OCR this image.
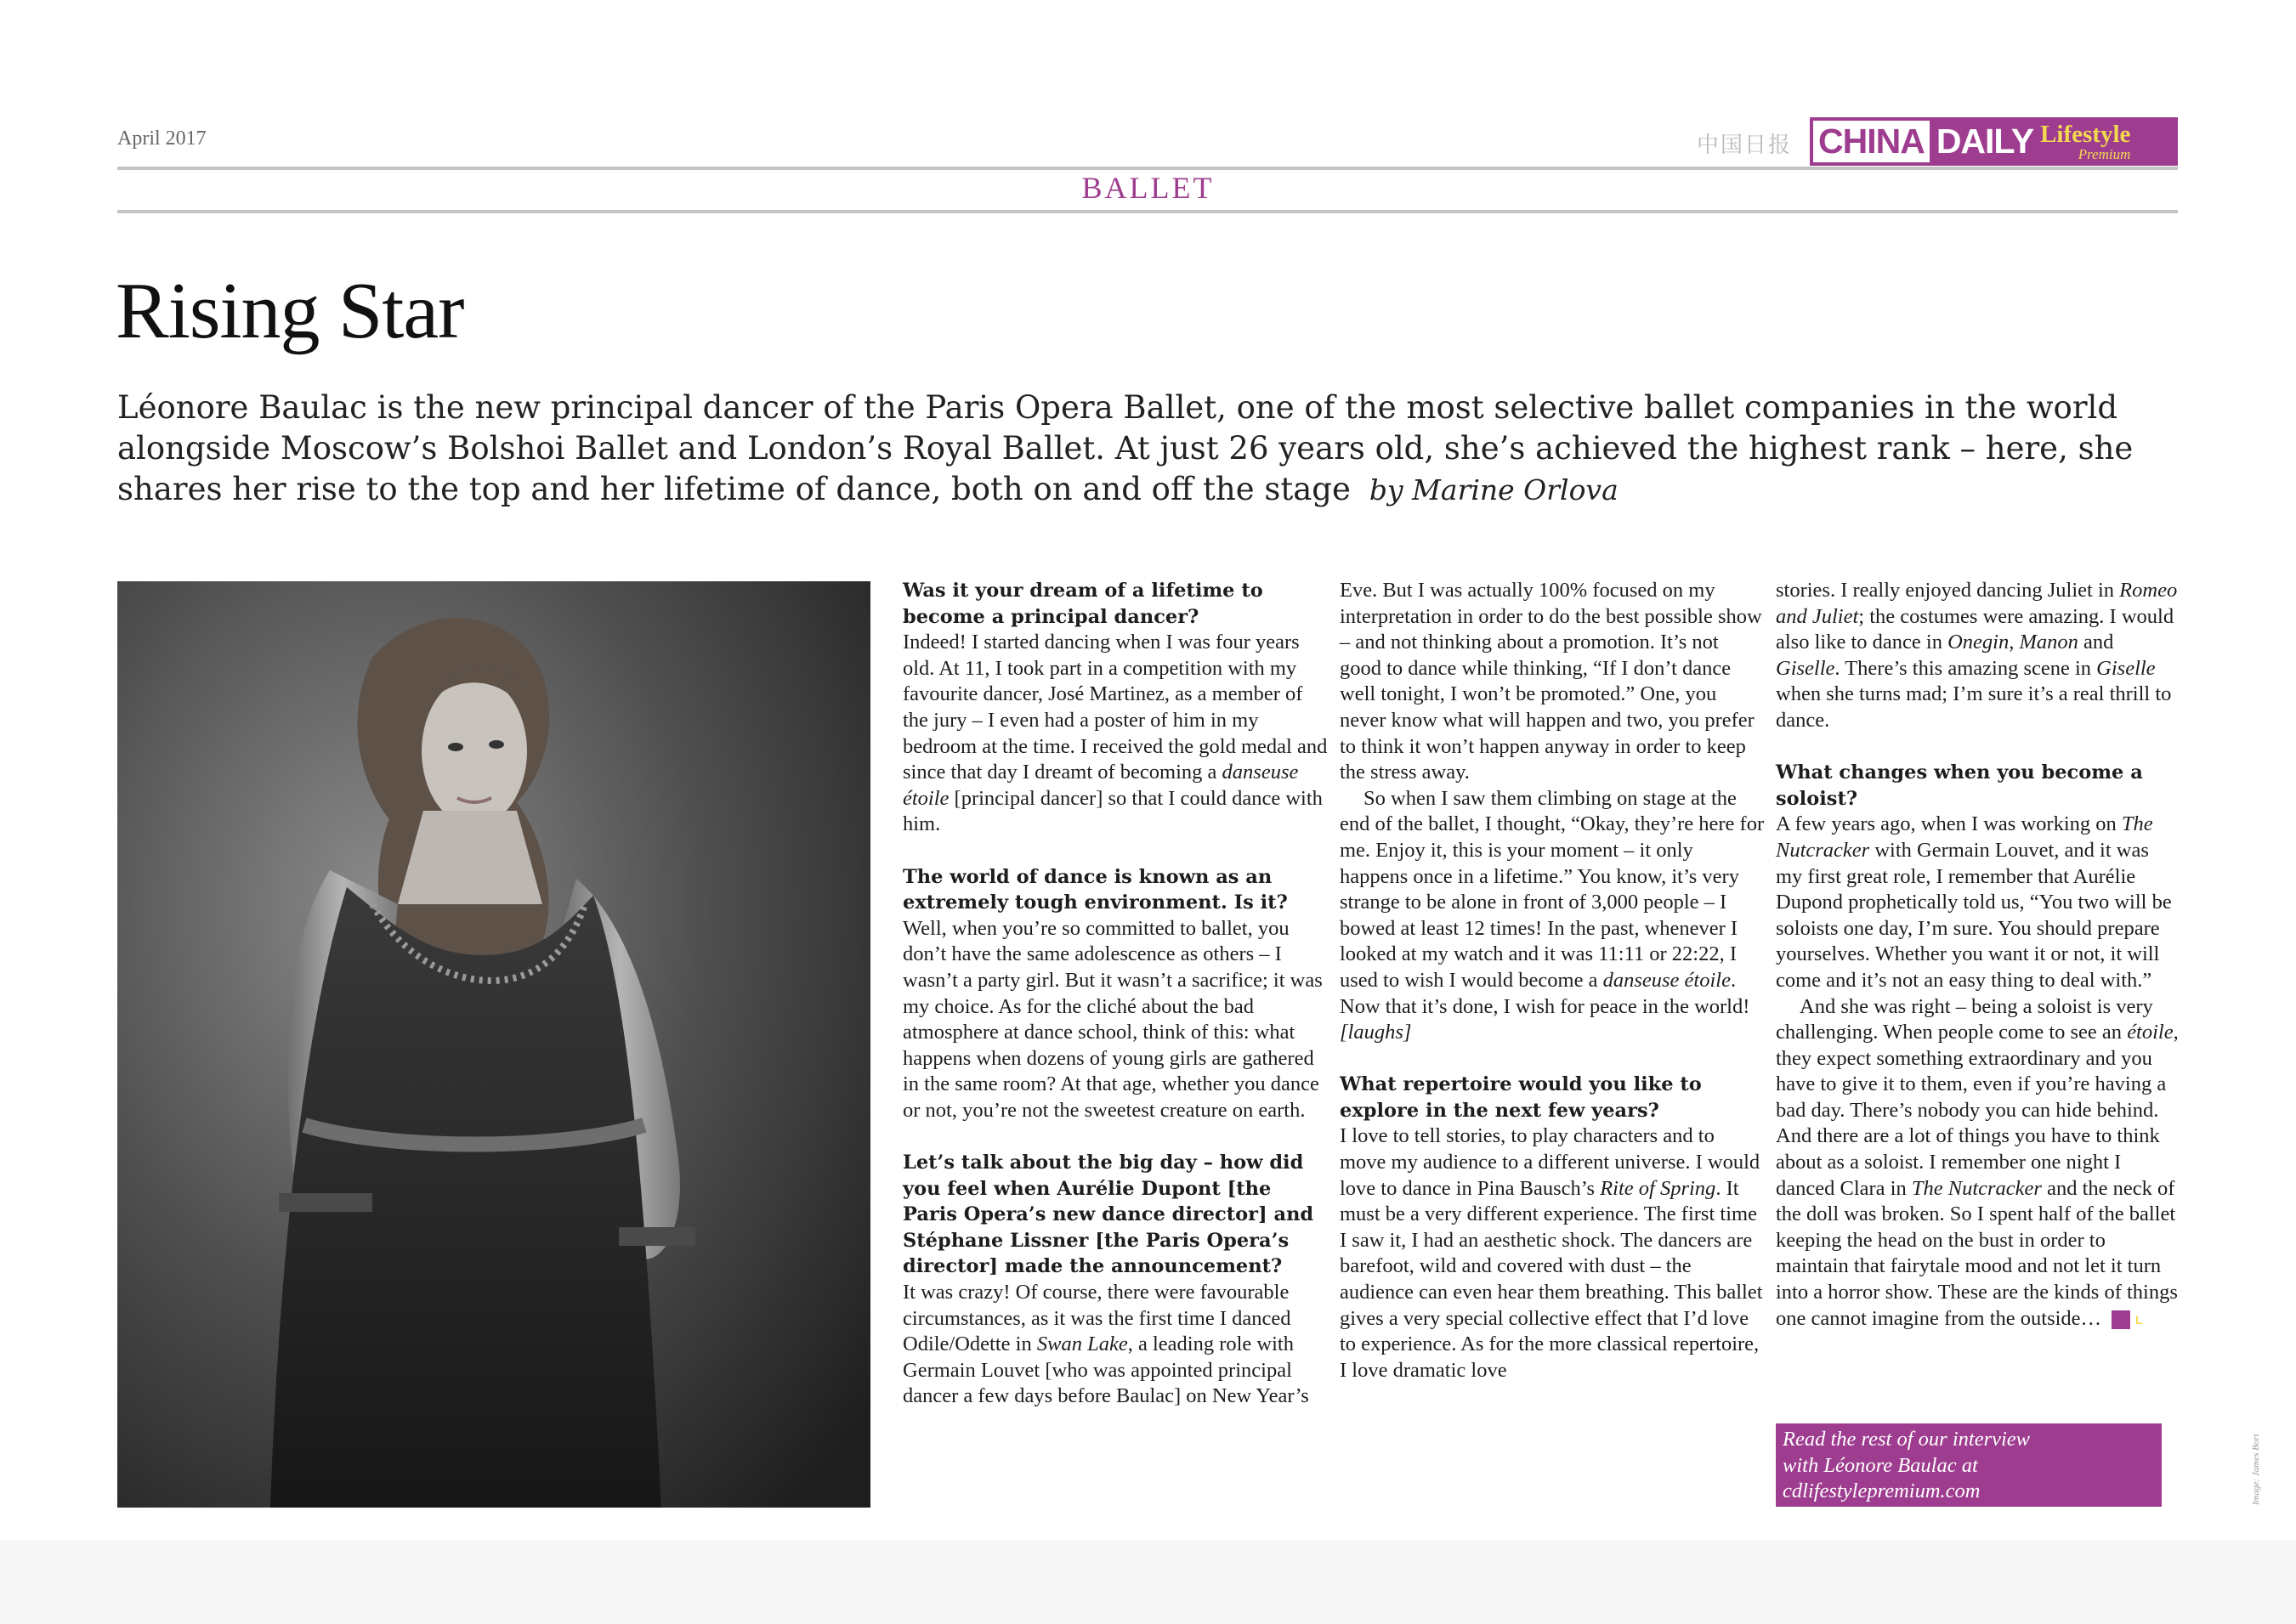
April 2017	中国日报 CHINA DAILY Lifestyle
Premium
BALLET
Rising Star
Léonore Baulac is the new principal dancer of the Paris Opera Ballet, one of the most selective ballet companies in the world alongside Moscow’s Bolshoi Ballet and London’s Royal Ballet. At just 26 years old, she’s achieved the highest rank – here, she shares her rise to the top and her lifetime of dance, both on and off the stage by Marine Orlova

Was it your dream of a lifetime to become a principal dancer?

Indeed! I started dancing when I was four years old. At 11, I took part in a competition with my favourite dancer, José Martinez, as a member of the jury – I even had a poster of him in my bedroom at the time. I received the gold medal and since that day I dreamt of becoming a danseuse étoile [principal dancer] so that I could dance with him.

The world of dance is known as an extremely tough environment. Is it?

Well, when you’re so committed to ballet, you don’t have the same adolescence as others – I wasn’t a party girl. But it wasn’t a sacrifice; it was my choice. As for the cliché about the bad atmosphere at dance school, think of this: what happens when dozens of young girls are gathered in the same room? At that age, whether you dance or not, you’re not the sweetest creature on earth.

Let’s talk about the big day – how did you feel when Aurélie Dupont [the Paris Opera’s new dance director] and Stéphane Lissner [the Paris Opera’s director] made the announcement?

It was crazy! Of course, there were favourable circumstances, as it was the first time I danced Odile/Odette in Swan Lake, a leading role with Germain Louvet [who was appointed principal dancer a few days before Baulac] on New Year’s

Eve. But I was actually 100% focused on my interpretation in order to do the best possible show – and not thinking about a promotion. It’s not good to dance while thinking, “If I don’t dance well tonight, I won’t be promoted.” One, you never know what will happen and two, you prefer to think it won’t happen anyway in order to keep the stress away.

So when I saw them climbing on stage at the end of the ballet, I thought, “Okay, they’re here for me. Enjoy it, this is your moment – it only happens once in a lifetime.” You know, it’s very strange to be alone in front of 3,000 people – I bowed at least 12 times! In the past, whenever I looked at my watch and it was 11:11 or 22:22, I used to wish I would become a danseuse étoile. Now that it’s done, I wish for peace in the world! [laughs]

What repertoire would you like to explore in the next few years?

I love to tell stories, to play characters and to move my audience to a different universe. I would love to dance in Pina Bausch’s Rite of Spring. It must be a very different experience. The first time I saw it, I had an aesthetic shock. The dancers are barefoot, wild and covered with dust – the audience can even hear them breathing. This ballet gives a very special collective effect that I’d love to experience. As for the more classical repertoire, I love dramatic love

stories. I really enjoyed dancing Juliet in Romeo and Juliet; the costumes were amazing. I would also like to dance in Onegin, Manon and Giselle. There’s this amazing scene in Giselle when she turns mad; I’m sure it’s a real thrill to dance.

What changes when you become a soloist?

A few years ago, when I was working on The Nutcracker with Germain Louvet, and it was my first great role, I remember that Aurélie Dupond prophetically told us, “You two will be soloists one day, I’m sure. You should prepare yourselves. Whether you want it or not, it will come and it’s not an easy thing to deal with.”

And she was right – being a soloist is very challenging. When people come to see an étoile, they expect something extraordinary and you have to give it to them, even if you’re having a bad day. There’s nobody you can hide behind. And there are a lot of things you have to think about as a soloist. I remember one night I danced Clara in The Nutcracker and the neck of the doll was broken. So I spent half of the ballet keeping the head on the bust in order to maintain that fairytale mood and not let it turn into a horror show. These are the kinds of things one cannot imagine from the outside…	L

Read the rest of our interview
with Léonore Baulac at
cdlifestylepremium.com	Image: James Bort
